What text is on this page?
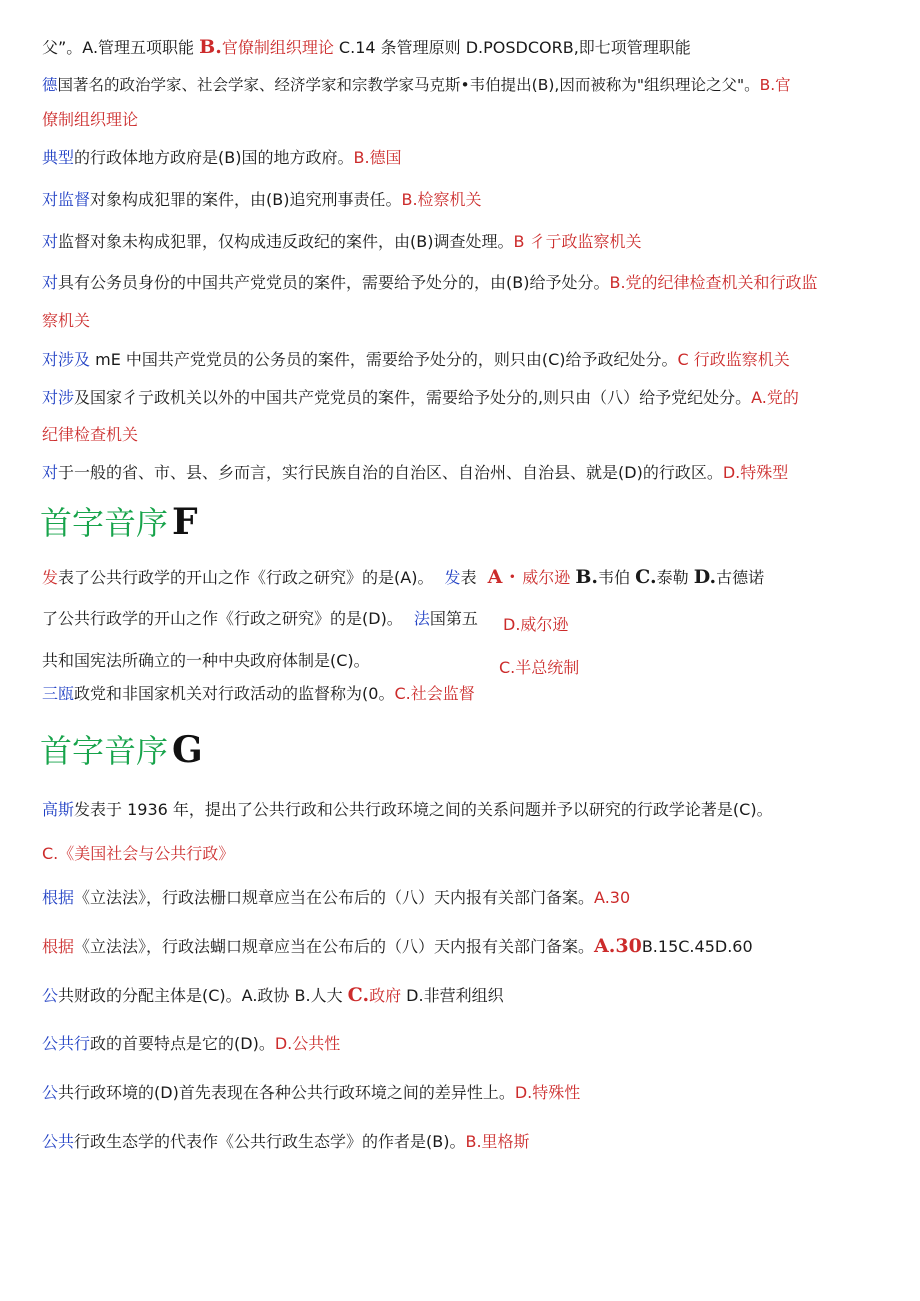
父”。A.管理五项职能 B.官僚制组织理论 C.14 条管理原则 D.POSDCORB,即七项管理职能
德国著名的政治学家、社会学家、经济学家和宗教学家马克斯•韦伯提出(B),因而被称为"组织理论之父"。B.官
僚制组织理论
典型的行政体地方政府是(B)国的地方政府。B.德国
对监督对象构成犯罪的案件，由(B)追究刑事责任。B.检察机关
对监督对象未构成犯罪，仅构成违反政纪的案件，由(B)调查处理。B 彳亍政监察机关
对具有公务员身份的中国共产党党员的案件，需要给予处分的，由(B)给予处分。B.党的纪律检查机关和行政监
察机关
对涉及 mE 中国共产党党员的公务员的案件，需要给予处分的，则只由(C)给予政纪处分。C 行政监察机关
对涉及国家彳亍政机关以外的中国共产党党员的案件，需要给予处分的,则只由（八）给予党纪处分。A.党的
纪律检查机关
对于一般的省、市、县、乡而言，实行民族自治的自治区、自治州、自治县、就是(D)的行政区。D.特殊型
首字音序 F
发表了公共行政学的开山之作《行政之研究》的是(A)。 发表 A · 威尔逊 B.韦伯 C.泰勒 D.古德诺
了公共行政学的开山之作《行政之研究》的是(D)。 法国第五 D.威尔逊
共和国宪法所确立的一种中央政府体制是(C)。	C.半总统制
三瓯政党和非国家机关对行政活动的监督称为(0。C.社会监督
首字音序 G
高斯发表于 1936 年，提出了公共行政和公共行政环境之间的关系问题并予以研究的行政学论著是(C)。
C.《美国社会与公共行政》
根据《立法法》，行政法栅口规章应当在公布后的（八）天内报有关部门备案。A.30
根据《立法法》，行政法蝴口规章应当在公布后的（八）天内报有关部门备案。A.30B.15C.45D.60
公共财政的分配主体是(C)。A.政协 B.人大 C.政府 D.非营利组织
公共行政的首要特点是它的(D)。D.公共性
公共行政环境的(D)首先表现在各种公共行政环境之间的差异性上。D.特殊性
公共行政生态学的代表作《公共行政生态学》的作者是(B)。B.里格斯
